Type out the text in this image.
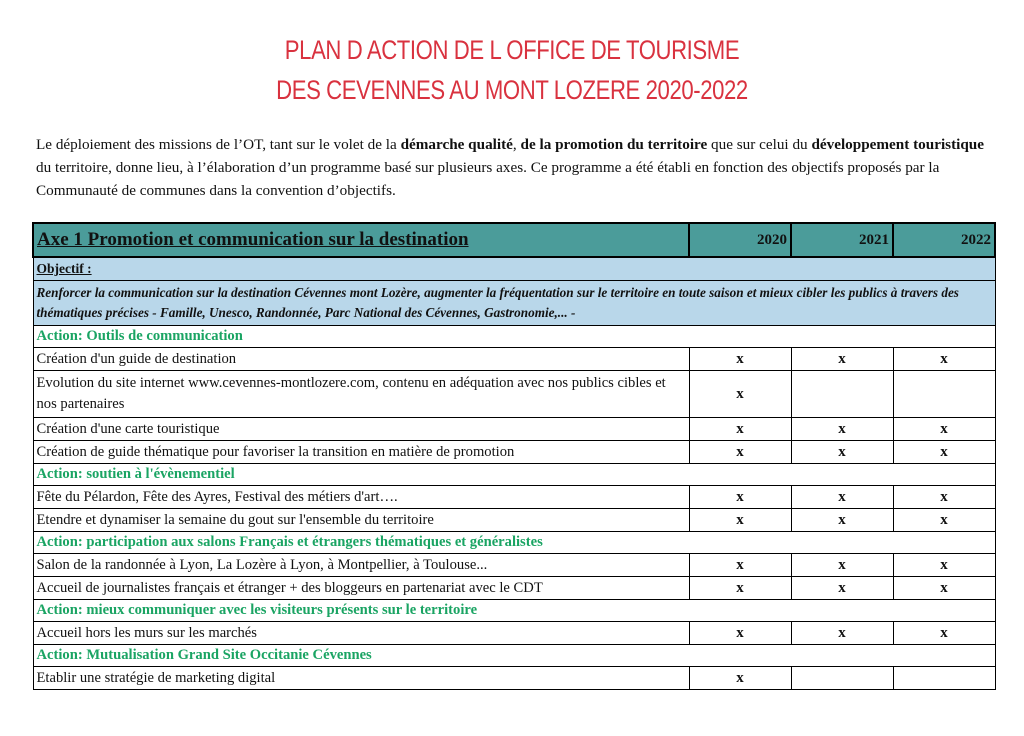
PLAN D ACTION DE L OFFICE DE TOURISME
DES CEVENNES AU MONT LOZERE 2020-2022
Le déploiement des missions de l’OT, tant sur le volet de la démarche qualité, de la promotion du territoire que sur celui du développement touristique du territoire, donne lieu, à l’élaboration d’un programme basé sur plusieurs axes. Ce programme a été établi en fonction des objectifs proposés par la Communauté de communes dans la convention d’objectifs.
Axe 1 Promotion et communication sur la destination	2020	2021	2022
Objectif :			
Renforcer la communication sur la destination Cévennes mont Lozère, augmenter la fréquentation sur le territoire en toute saison et mieux cibler les publics à travers des thématiques précises - Famille, Unesco, Randonnée, Parc National des Cévennes, Gastronomie,... -			
Action: Outils de communication			
Création d'un guide de destination	x	x	x
Evolution du site internet www.cevennes-montlozere.com, contenu en adéquation avec nos publics cibles et nos partenaires	x		
Création d'une carte touristique	x	x	x
Création de guide thématique pour favoriser la transition en matière de promotion	x	x	x
Action: soutien à l'évènementiel			
Fête du Pélardon, Fête des Ayres, Festival des métiers d'art….	x	x	x
Etendre et dynamiser la semaine du gout sur l'ensemble du territoire	x	x	x
Action: participation aux salons Français et étrangers thématiques et généralistes			
Salon de la randonnée à Lyon, La Lozère à Lyon, à Montpellier, à Toulouse...	x	x	x
Accueil de journalistes français et étranger + des bloggeurs en partenariat avec le CDT	x	x	x
Action: mieux communiquer avec les visiteurs présents sur le territoire			
Accueil hors les murs sur les marchés	x	x	x
Action: Mutualisation Grand Site Occitanie Cévennes			
Etablir une stratégie de marketing digital	x		
